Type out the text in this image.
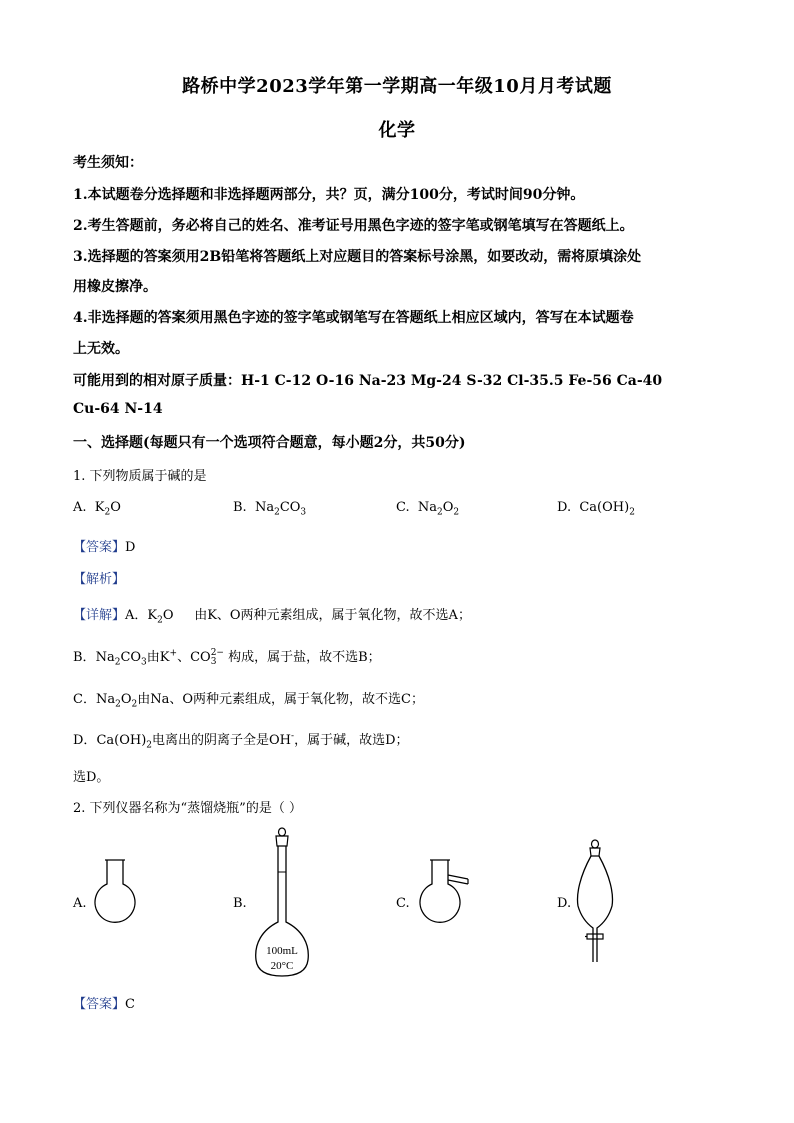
路桥中学2023学年第一学期高一年级10月月考试题
化学
考生须知：
1.本试题卷分选择题和非选择题两部分，共？页，满分100分，考试时间90分钟。
2.考生答题前，务必将自己的姓名、准考证号用黑色字迹的签字笔或钢笔填写在答题纸上。
3.选择题的答案须用2B铅笔将答题纸上对应题目的答案标号涂黑，如要改动，需将原填涂处
用橡皮擦净。
4.非选择题的答案须用黑色字迹的签字笔或钢笔写在答题纸上相应区域内，答写在本试题卷
上无效。
可能用到的相对原子质量：H-1 C-12 O-16 Na-23 Mg-24 S-32 Cl-35.5 Fe-56 Ca-40
Cu-64 N-14
一、选择题(每题只有一个选项符合题意，每小题2分，共50分)
1. 下列物质属于碱的是
A.  $K_2O$	B.  $Na_2CO_3$	C.  $Na_2O_2$	D.  $Ca(OH)_2$
【答案】D
【解析】
【详解】A．$K_2O$     由K、O两种元素组成，属于氧化物，故不选A；
B．$Na_2CO_3$由K+、CO 2−
3 构成，属于盐，故不选B；
C．$Na_2O_2$由Na、O两种元素组成，属于氧化物，故不选C；
D．$Ca(OH)_2$电离出的阴离子全是OH-，属于碱，故选D；
选D。
2. 下列仪器名称为“蒸馏烧瓶”的是（ ）
A.	B.	C.	D.
100mL
20°C
【答案】C
